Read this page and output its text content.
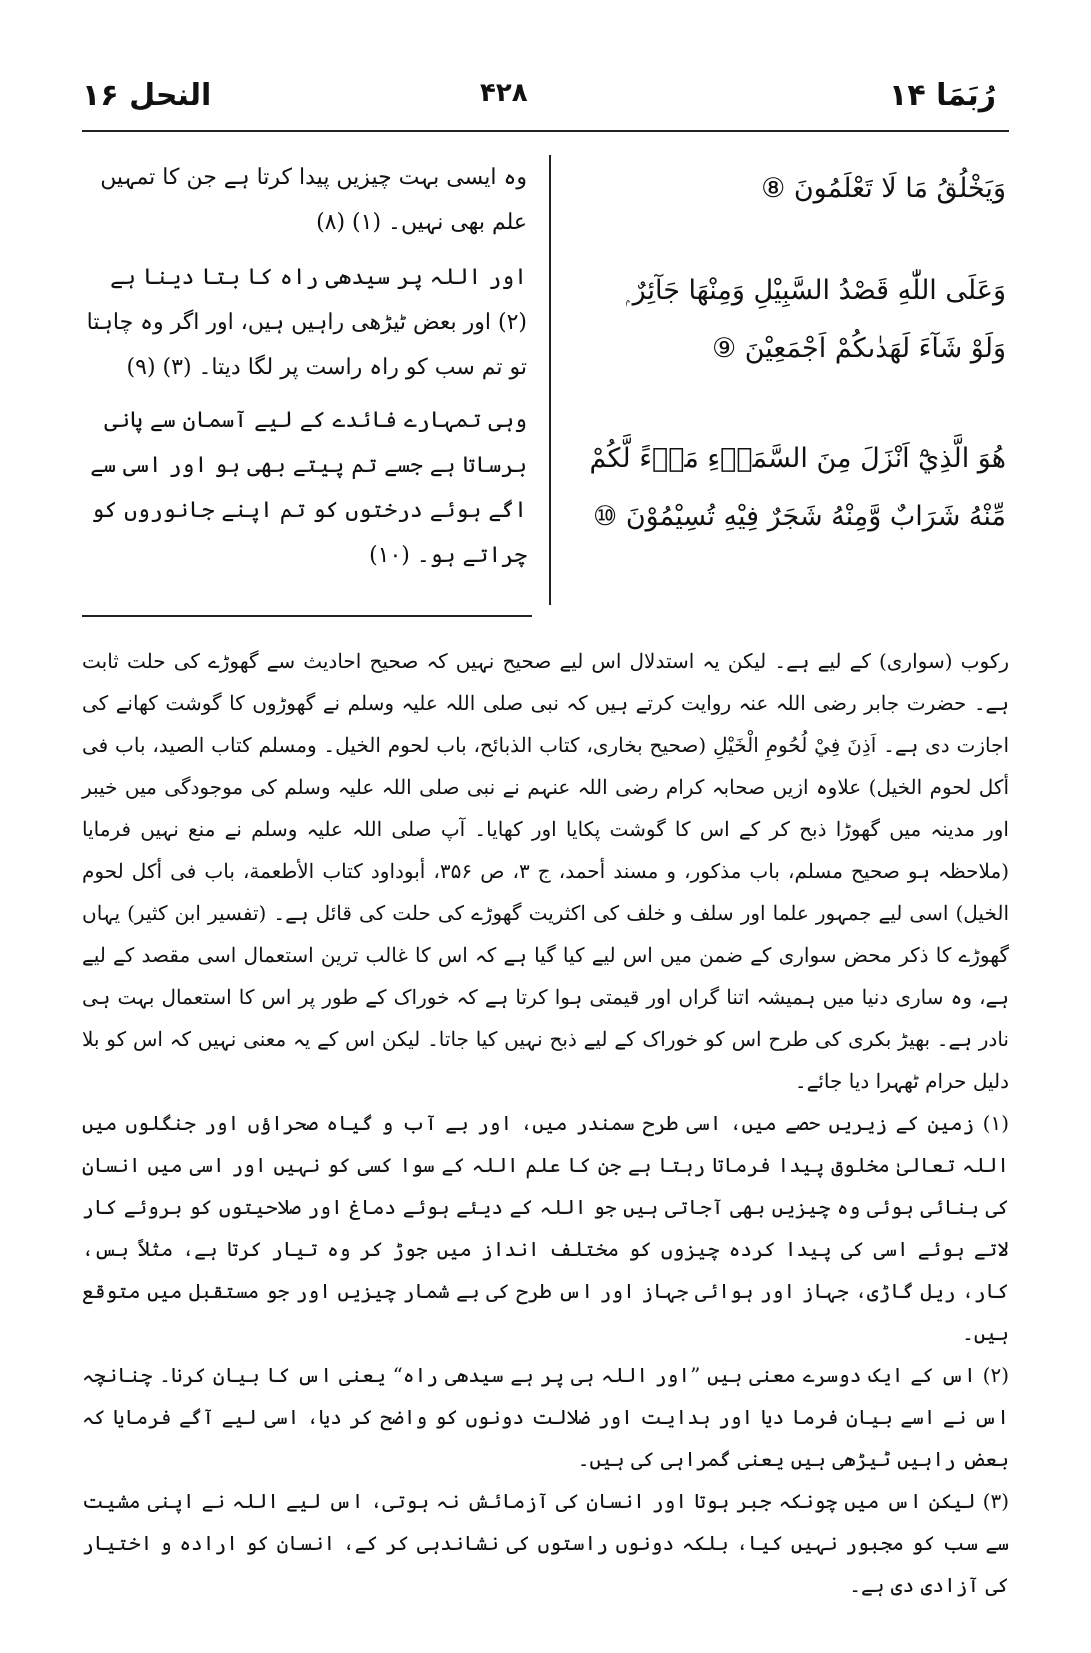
رُبَمَا ۱۴
۴۲۸
النحل ۱۶
وَيَخْلُقُ مَا لَا تَعْلَمُونَ ⑧
وَعَلَى اللّٰهِ قَصْدُ السَّبِيْلِ وَمِنْهَا جَآئِرٌ ۭ وَلَوْ شَآءَ لَهَدٰىكُمْ اَجْمَعِيْنَ ⑨
هُوَ الَّذِيْٓ اَنْزَلَ مِنَ السَّمَاۗءِ مَاۗءً لَّكُمْ مِّنْهُ شَرَابٌ وَّمِنْهُ شَجَرٌ فِيْهِ تُسِيْمُوْنَ ⑩
وہ ایسی بہت چیزیں پیدا کرتا ہے جن کا تمہیں علم بھی نہیں۔ (۱) (۸)
اور اللہ پر سیدھی راہ کا بتا دینا ہے (۲) اور بعض ٹیڑھی راہیں ہیں، اور اگر وہ چاہتا تو تم سب کو راہ راست پر لگا دیتا۔ (۳) (۹)
وہی تمہارے فائدے کے لیے آسمان سے پانی برساتا ہے جسے تم پیتے بھی ہو اور اسی سے اگے ہوئے درختوں کو تم اپنے جانوروں کو چراتے ہو۔ (۱۰)

رکوب (سواری) کے لیے ہے۔ لیکن یہ استدلال اس لیے صحیح نہیں کہ صحیح احادیث سے گھوڑے کی حلت ثابت ہے۔ حضرت جابر رضی اللہ عنہ روایت کرتے ہیں کہ نبی صلی اللہ علیہ وسلم نے گھوڑوں کا گوشت کھانے کی اجازت دی ہے۔ اَذِنَ فِيْ لُحُومِ الْخَيْلِ (صحیح بخاری، کتاب الذبائح، باب لحوم الخیل۔ ومسلم کتاب الصید، باب فی أکل لحوم الخیل) علاوہ ازیں صحابہ کرام رضی اللہ عنہم نے نبی صلی اللہ علیہ وسلم کی موجودگی میں خیبر اور مدینہ میں گھوڑا ذبح کر کے اس کا گوشت پکایا اور کھایا۔ آپ صلی اللہ علیہ وسلم نے منع نہیں فرمایا (ملاحظہ ہو صحیح مسلم، باب مذکور، و مسند أحمد، ج ۳، ص ۳۵۶، أبوداود کتاب الأطعمة، باب فی أکل لحوم الخیل) اسی لیے جمہور علما اور سلف و خلف کی اکثریت گھوڑے کی حلت کی قائل ہے۔ (تفسیر ابن کثیر) یہاں گھوڑے کا ذکر محض سواری کے ضمن میں اس لیے کیا گیا ہے کہ اس کا غالب ترین استعمال اسی مقصد کے لیے ہے، وہ ساری دنیا میں ہمیشہ اتنا گراں اور قیمتی ہوا کرتا ہے کہ خوراک کے طور پر اس کا استعمال بہت ہی نادر ہے۔ بھیڑ بکری کی طرح اس کو خوراک کے لیے ذبح نہیں کیا جاتا۔ لیکن اس کے یہ معنی نہیں کہ اس کو بلا دلیل حرام ٹھہرا دیا جائے۔

(۱) زمین کے زیریں حصے میں، اسی طرح سمندر میں، اور بے آب و گیاہ صحراؤں اور جنگلوں میں اللہ تعالیٰ مخلوق پیدا فرماتا رہتا ہے جن کا علم اللہ کے سوا کسی کو نہیں اور اسی میں انسان کی بنائی ہوئی وہ چیزیں بھی آجاتی ہیں جو اللہ کے دیئے ہوئے دماغ اور صلاحیتوں کو بروئے کار لاتے ہوئے اسی کی پیدا کردہ چیزوں کو مختلف انداز میں جوڑ کر وہ تیار کرتا ہے، مثلاً بس، کار، ریل گاڑی، جہاز اور ہوائی جہاز اور اس طرح کی بے شمار چیزیں اور جو مستقبل میں متوقع ہیں۔

(۲) اس کے ایک دوسرے معنی ہیں ”اور اللہ ہی پر ہے سیدھی راہ“ یعنی اس کا بیان کرنا۔ چنانچہ اس نے اسے بیان فرما دیا اور ہدایت اور ضلالت دونوں کو واضح کر دیا، اسی لیے آگے فرمایا کہ بعض راہیں ٹیڑھی ہیں یعنی گمراہی کی ہیں۔

(۳) لیکن اس میں چونکہ جبر ہوتا اور انسان کی آزمائش نہ ہوتی، اس لیے اللہ نے اپنی مشیت سے سب کو مجبور نہیں کیا، بلکہ دونوں راستوں کی نشاندہی کر کے، انسان کو ارادہ و اختیار کی آزادی دی ہے۔
